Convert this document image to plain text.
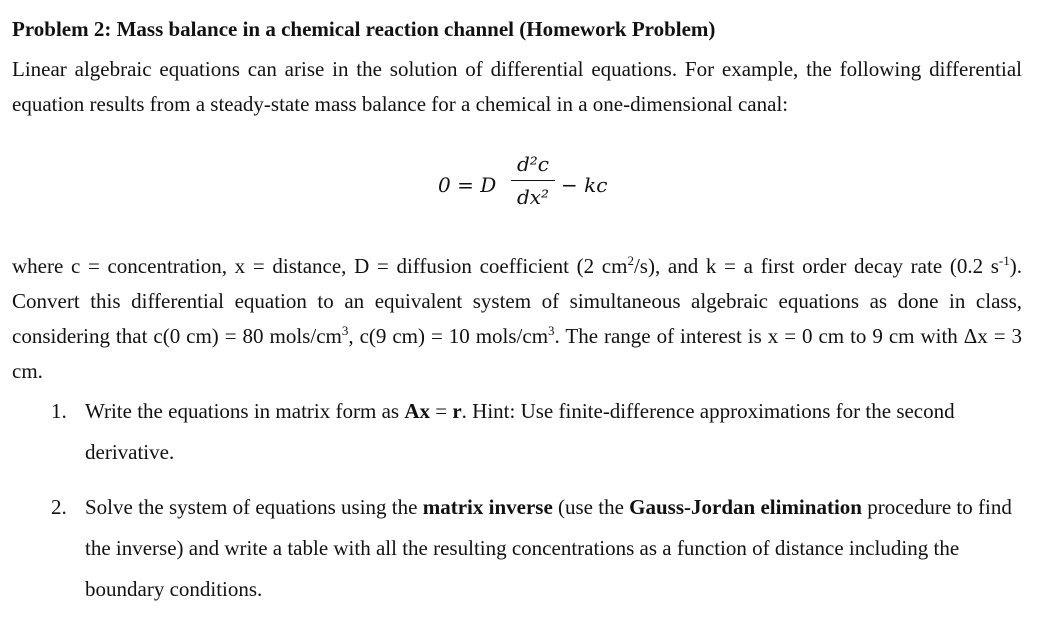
Problem 2: Mass balance in a chemical reaction channel (Homework Problem)
Linear algebraic equations can arise in the solution of differential equations. For example, the following differential equation results from a steady-state mass balance for a chemical in a one-dimensional canal:
0 = D
d²c
dx² − kc
where c = concentration, x = distance, D = diffusion coefficient (2 $cm^2/s$), and k = a first order decay rate (0.2 $s^{-1}$). Convert this differential equation to an equivalent system of simultaneous algebraic equations as done in class, considering that c(0 cm) = 80 mols/$cm^3$, c(9 cm) = 10 mols/$cm^3$. The range of interest is x = 0 cm to 9 cm with Δx = 3 cm.
1. Write the equations in matrix form as Ax = r. Hint: Use finite-difference approximations for the second derivative.
2. Solve the system of equations using the matrix inverse (use the Gauss-Jordan elimination procedure to find the inverse) and write a table with all the resulting concentrations as a function of distance including the boundary conditions.
